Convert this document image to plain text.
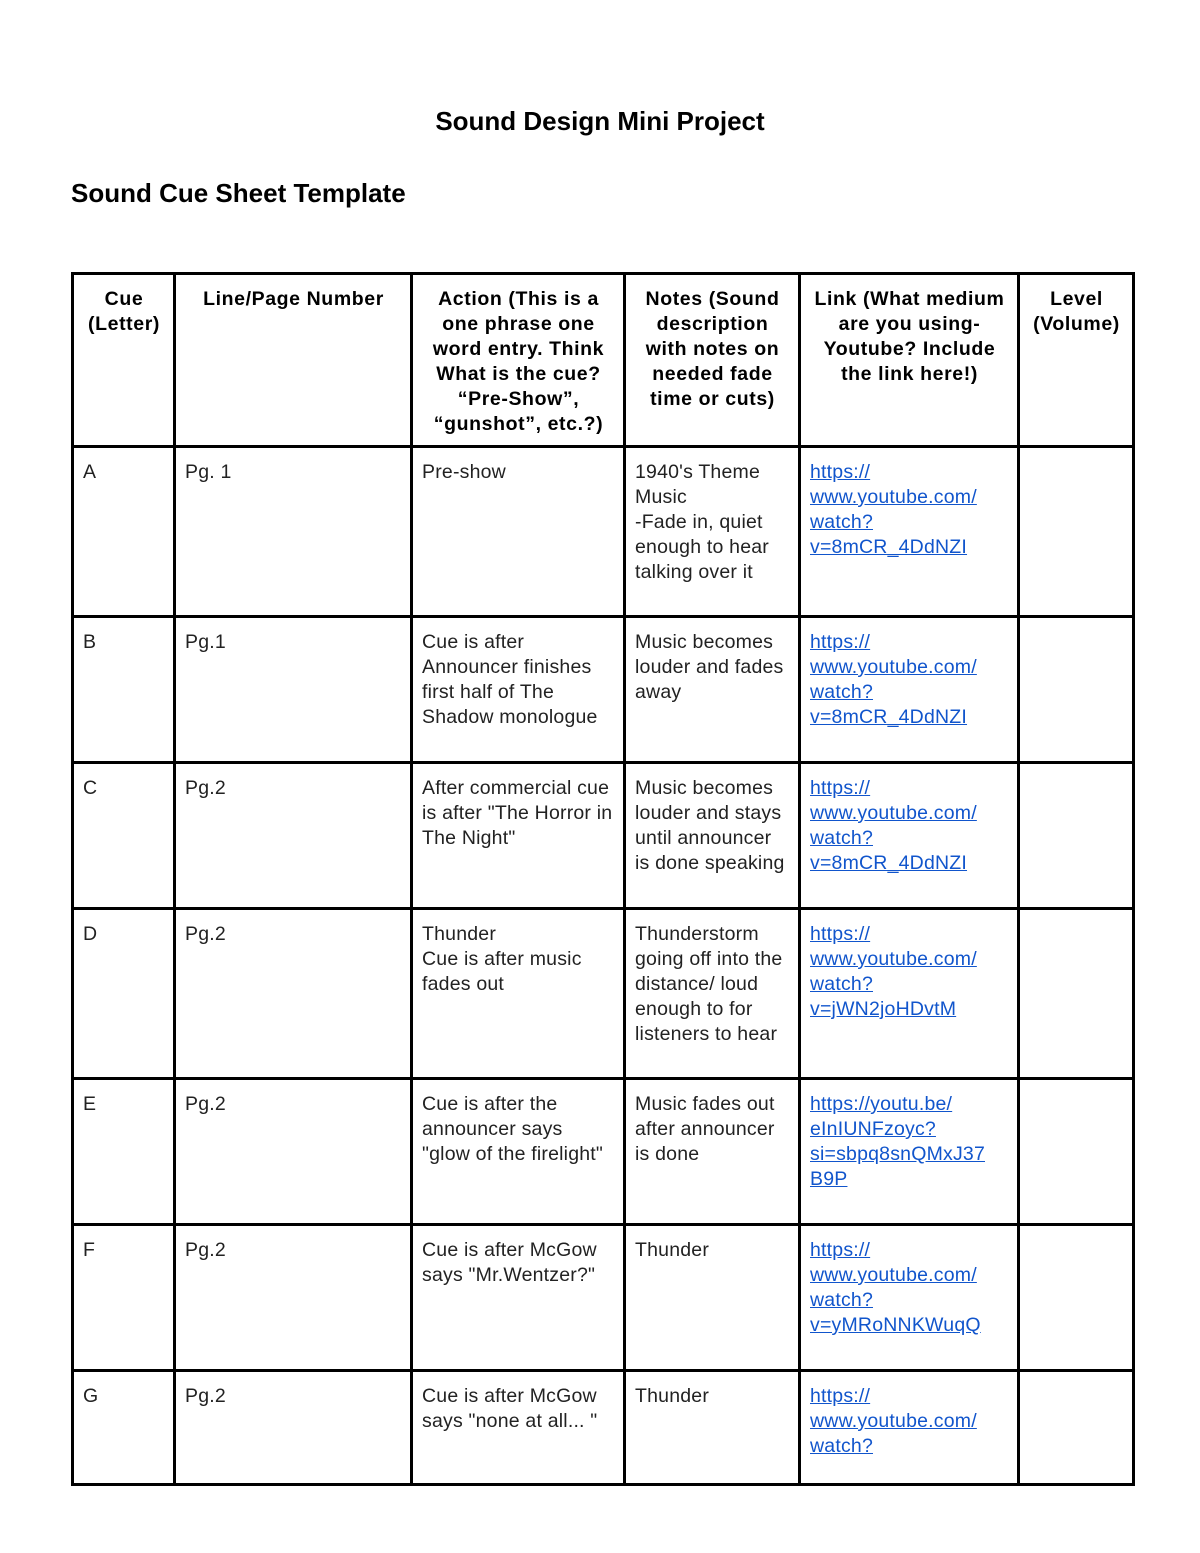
Sound Design Mini Project
Sound Cue Sheet Template
Cue (Letter)	Line/Page Number	Action (This is a one phrase one word entry. Think What is the cue? “Pre-Show”, “gunshot”, etc.?)	Notes (Sound description with notes on needed fade time or cuts)	Link (What medium are you using- Youtube? Include the link here!)	Level (Volume)
A	Pg. 1	Pre-show	1940's Theme Music
-Fade in, quiet enough to hear talking over it	https://
www.youtube.com/
watch?
v=8mCR_4DdNZI	
B	Pg.1	Cue is after Announcer finishes first half of The Shadow monologue	Music becomes louder and fades away	https://
www.youtube.com/
watch?
v=8mCR_4DdNZI	
C	Pg.2	After commercial cue is after "The Horror in The Night"	Music becomes louder and stays until announcer is done speaking	https://
www.youtube.com/
watch?
v=8mCR_4DdNZI	
D	Pg.2	Thunder
Cue is after music fades out	Thunderstorm going off into the distance/ loud enough to for listeners to hear	https://
www.youtube.com/
watch?
v=jWN2joHDvtM	
E	Pg.2	Cue is after the announcer says "glow of the firelight"	Music fades out after announcer is done	https://youtu.be/
eInIUNFzoyc?
si=sbpq8snQMxJ37
B9P	
F	Pg.2	Cue is after McGow says "Mr.Wentzer?"	Thunder	https://
www.youtube.com/
watch?
v=yMRoNNKWuqQ	
G	Pg.2	Cue is after McGow says "none at all... "	Thunder	https://
www.youtube.com/
watch?	
